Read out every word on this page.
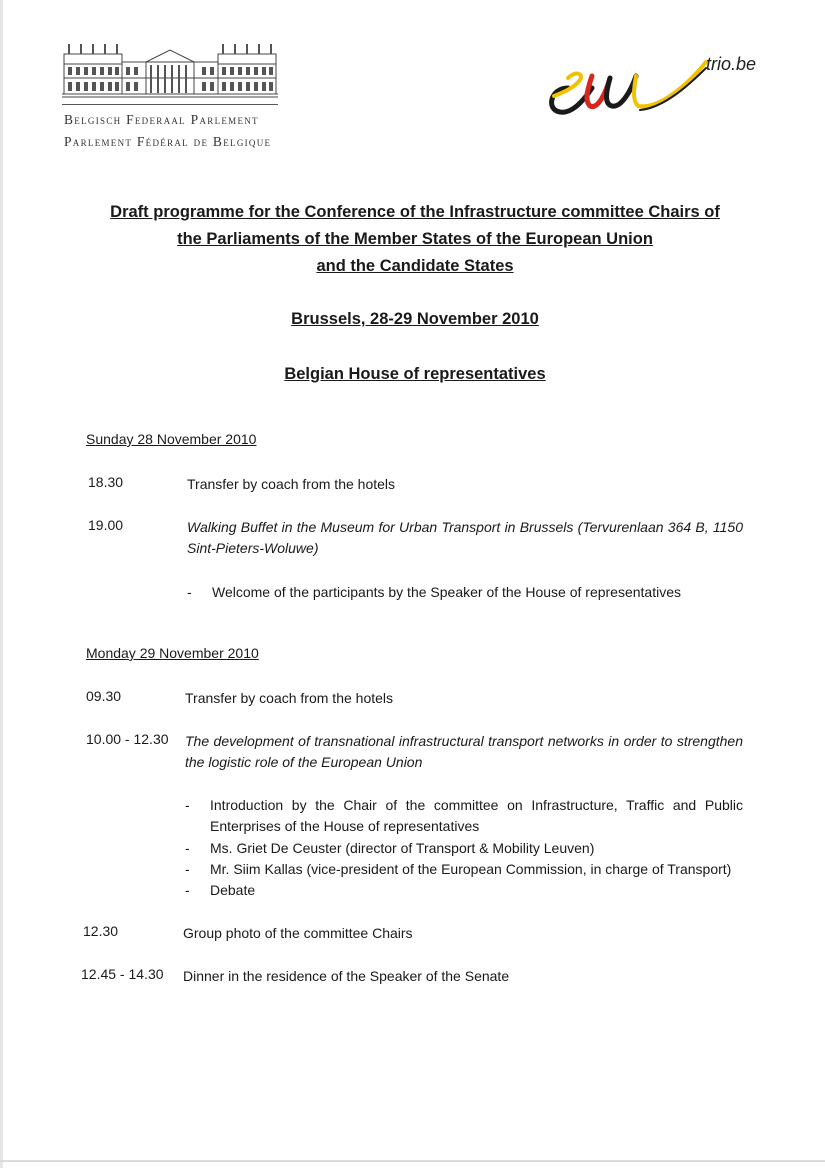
Belgisch Federaal Parlement
Parlement Fédéral de Belgique
trio.be
Draft programme for the Conference of the Infrastructure committee Chairs of
the Parliaments of the Member States of the European Union
and the Candidate States
Brussels, 28-29 November 2010
Belgian House of representatives
Sunday 28 November 2010
18.30	Transfer by coach from the hotels
19.00	Walking Buffet in the Museum for Urban Transport in Brussels (Tervurenlaan 364 B, 1150 Sint-Pieters-Woluwe)
- Welcome of the participants by the Speaker of the House of representatives
Monday 29 November 2010
09.30	Transfer by coach from the hotels
10.00 - 12.30 The development of transnational infrastructural transport networks in order to strengthen the logistic role of the European Union
- Introduction by the Chair of the committee on Infrastructure, Traffic and Public Enterprises of the House of representatives
- Ms. Griet De Ceuster (director of Transport & Mobility Leuven)
- Mr. Siim Kallas (vice-president of the European Commission, in charge of Transport)
- Debate
12.30	Group photo of the committee Chairs
12.45 - 14.30 Dinner in the residence of the Speaker of the Senate
